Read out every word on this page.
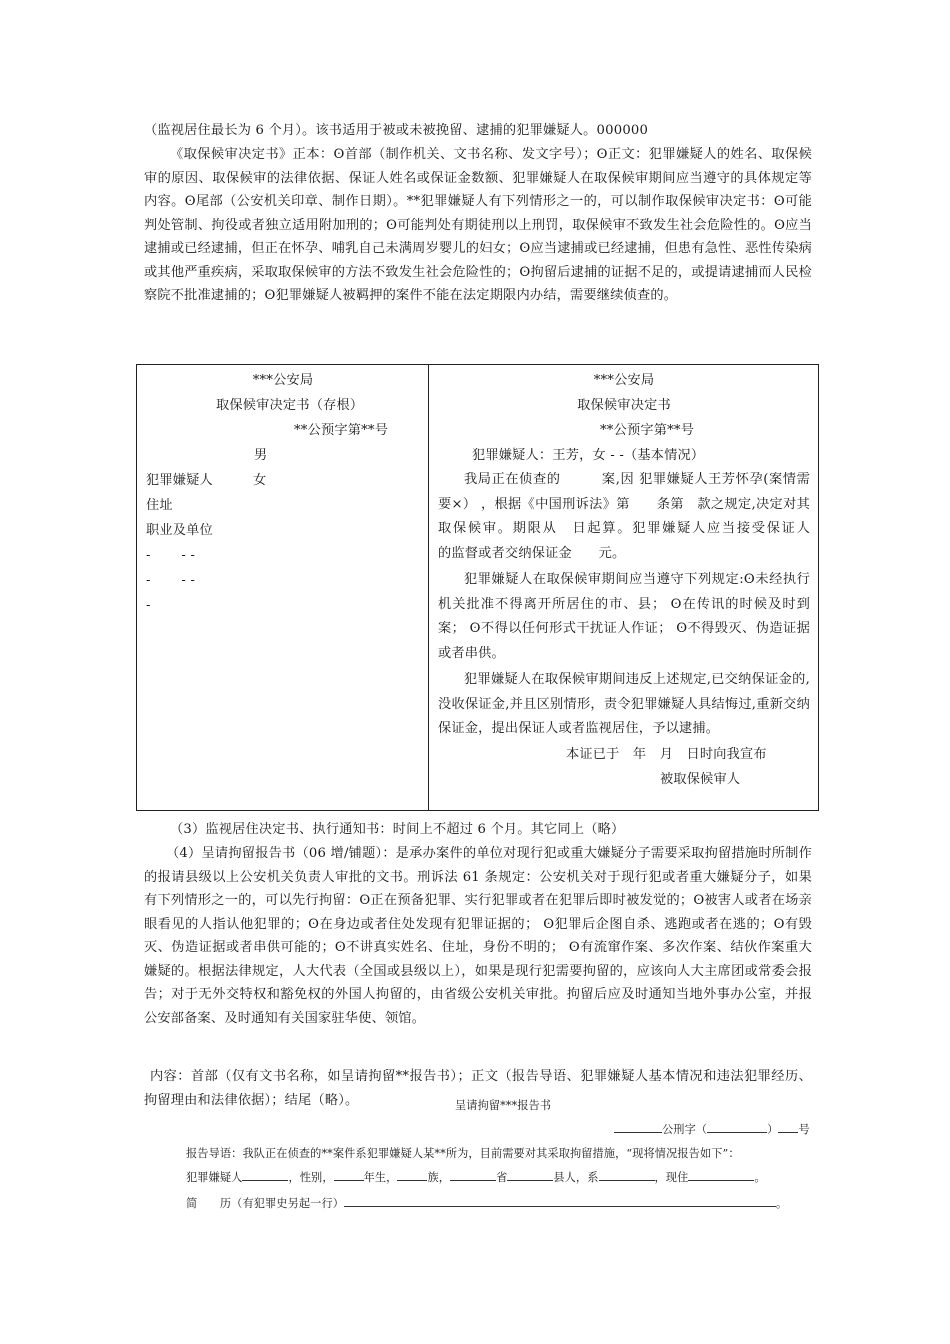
（监视居住最长为 6 个月）。该书适用于被或未被挽留、逮捕的犯罪嫌疑人。000000

《取保候审决定书》正本：ʘ首部（制作机关、文书名称、发文字号）；ʘ正文：犯罪嫌疑人的姓名、取保候审的原因、取保候审的法律依据、保证人姓名或保证金数额、犯罪嫌疑人在取保候审期间应当遵守的具体规定等内容。ʘ尾部（公安机关印章、制作日期）。**犯罪嫌疑人有下列情形之一的，可以制作取保候审决定书：ʘ可能判处管制、拘役或者独立适用附加刑的；ʘ可能判处有期徒刑以上刑罚，取保候审不致发生社会危险性的。ʘ应当逮捕或已经逮捕，但正在怀孕、哺乳自己未满周岁婴儿的妇女；ʘ应当逮捕或已经逮捕，但患有急性、恶性传染病或其他严重疾病，采取取保候审的方法不致发生社会危险性的；ʘ拘留后逮捕的证据不足的，或提请逮捕而人民检察院不批准逮捕的；ʘ犯罪嫌疑人被羁押的案件不能在法定期限内办结，需要继续侦查的。

***公安局
取保候审决定书（存根）
**公预字第**号
男
犯罪嫌疑人	女
住址
职业及单位
-       - -
-       - -
-
***公安局
取保候审决定书
**公预字第**号
犯罪嫌疑人：王芳，女 - -（基本情况）

我局正在侦查的　　　案,因 犯罪嫌疑人王芳怀孕(案情需要×） ，根据《中国刑诉法》第　　条第　款之规定,决定对其取保候审。期限从　日起算。犯罪嫌疑人应当接受保证人　　的监督或者交纳保证金　　元。

犯罪嫌疑人在取保候审期间应当遵守下列规定:ʘ未经执行机关批准不得离开所居住的市、县； ʘ在传讯的时候及时到案； ʘ不得以任何形式干扰证人作证； ʘ不得毁灭、伪造证据或者串供。

犯罪嫌疑人在取保候审期间违反上述规定,已交纳保证金的,没收保证金,并且区别情形，责令犯罪嫌疑人具结悔过,重新交纳保证金，提出保证人或者监视居住，予以逮捕。

本证已于　年　月　日时向我宣布
被取保候审人

（3）监视居住决定书、执行通知书：时间上不超过 6 个月。其它同上（略）

（4）呈请拘留报告书（06 增/铺题）：是承办案件的单位对现行犯或重大嫌疑分子需要采取拘留措施时所制作的报请县级以上公安机关负责人审批的文书。刑诉法 61 条规定：公安机关对于现行犯或者重大嫌疑分子，如果有下列情形之一的，可以先行拘留：ʘ正在预备犯罪、实行犯罪或者在犯罪后即时被发觉的；ʘ被害人或者在场亲眼看见的人指认他犯罪的；ʘ在身边或者住处发现有犯罪证据的； ʘ犯罪后企图自杀、逃跑或者在逃的；ʘ有毁灭、伪造证据或者串供可能的；ʘ不讲真实姓名、住址，身份不明的； ʘ有流窜作案、多次作案、结伙作案重大嫌疑的。根据法律规定，人大代表（全国或县级以上），如果是现行犯需要拘留的，应该向人大主席团或常委会报告；对于无外交特权和豁免权的外国人拘留的，由省级公安机关审批。拘留后应及时通知当地外事办公室，并报公安部备案、及时通知有关国家驻华使、领馆。

内容：首部（仅有文书名称，如呈请拘留**报告书）；正文（报告导语、犯罪嫌疑人基本情况和违法犯罪经历、拘留理由和法律依据）；结尾（略）。	呈请拘留***报告书
公刑字（	） 号
报告导语：我队正在侦查的**案件系犯罪嫌疑人某**所为，目前需要对其采取拘留措施，“现将情况报告如下”：
犯罪嫌疑人	，性别，	年生，	族，	省	县人，系	，现住	。
简　　历（有犯罪史另起一行）	。
